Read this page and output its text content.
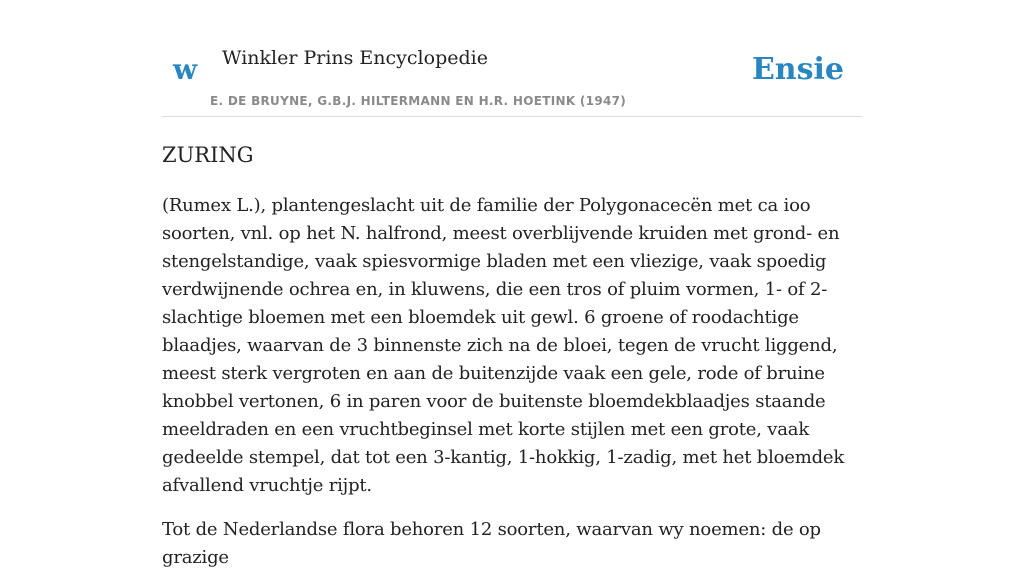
w Winkler Prins Encyclopedie
E. DE BRUYNE, G.B.J. HILTERMANN EN H.R. HOETINK (1947)
Ensie
ZURING

(Rumex L.), plantengeslacht uit de familie der Polygonacecën met ca ioo soorten, vnl. op het N. halfrond, meest overblijvende kruiden met grond- en stengelstandige, vaak spiesvormige bladen met een vliezige, vaak spoedig verdwijnende ochrea en, in kluwens, die een tros of pluim vormen, 1- of 2-slachtige bloemen met een bloemdek uit gewl. 6 groene of roodachtige blaadjes, waarvan de 3 binnenste zich na de bloei, tegen de vrucht liggend, meest sterk vergroten en aan de buitenzijde vaak een gele, rode of bruine knobbel vertonen, 6 in paren voor de buitenste bloemdekblaadjes staande meeldraden en een vruchtbeginsel met korte stijlen met een grote, vaak gedeelde stempel, dat tot een 3-kantig, 1-hokkig, 1-zadig, met het bloemdek afvallend vruchtje rijpt.

Tot de Nederlandse flora behoren 12 soorten, waarvan wy noemen: de op grazige
